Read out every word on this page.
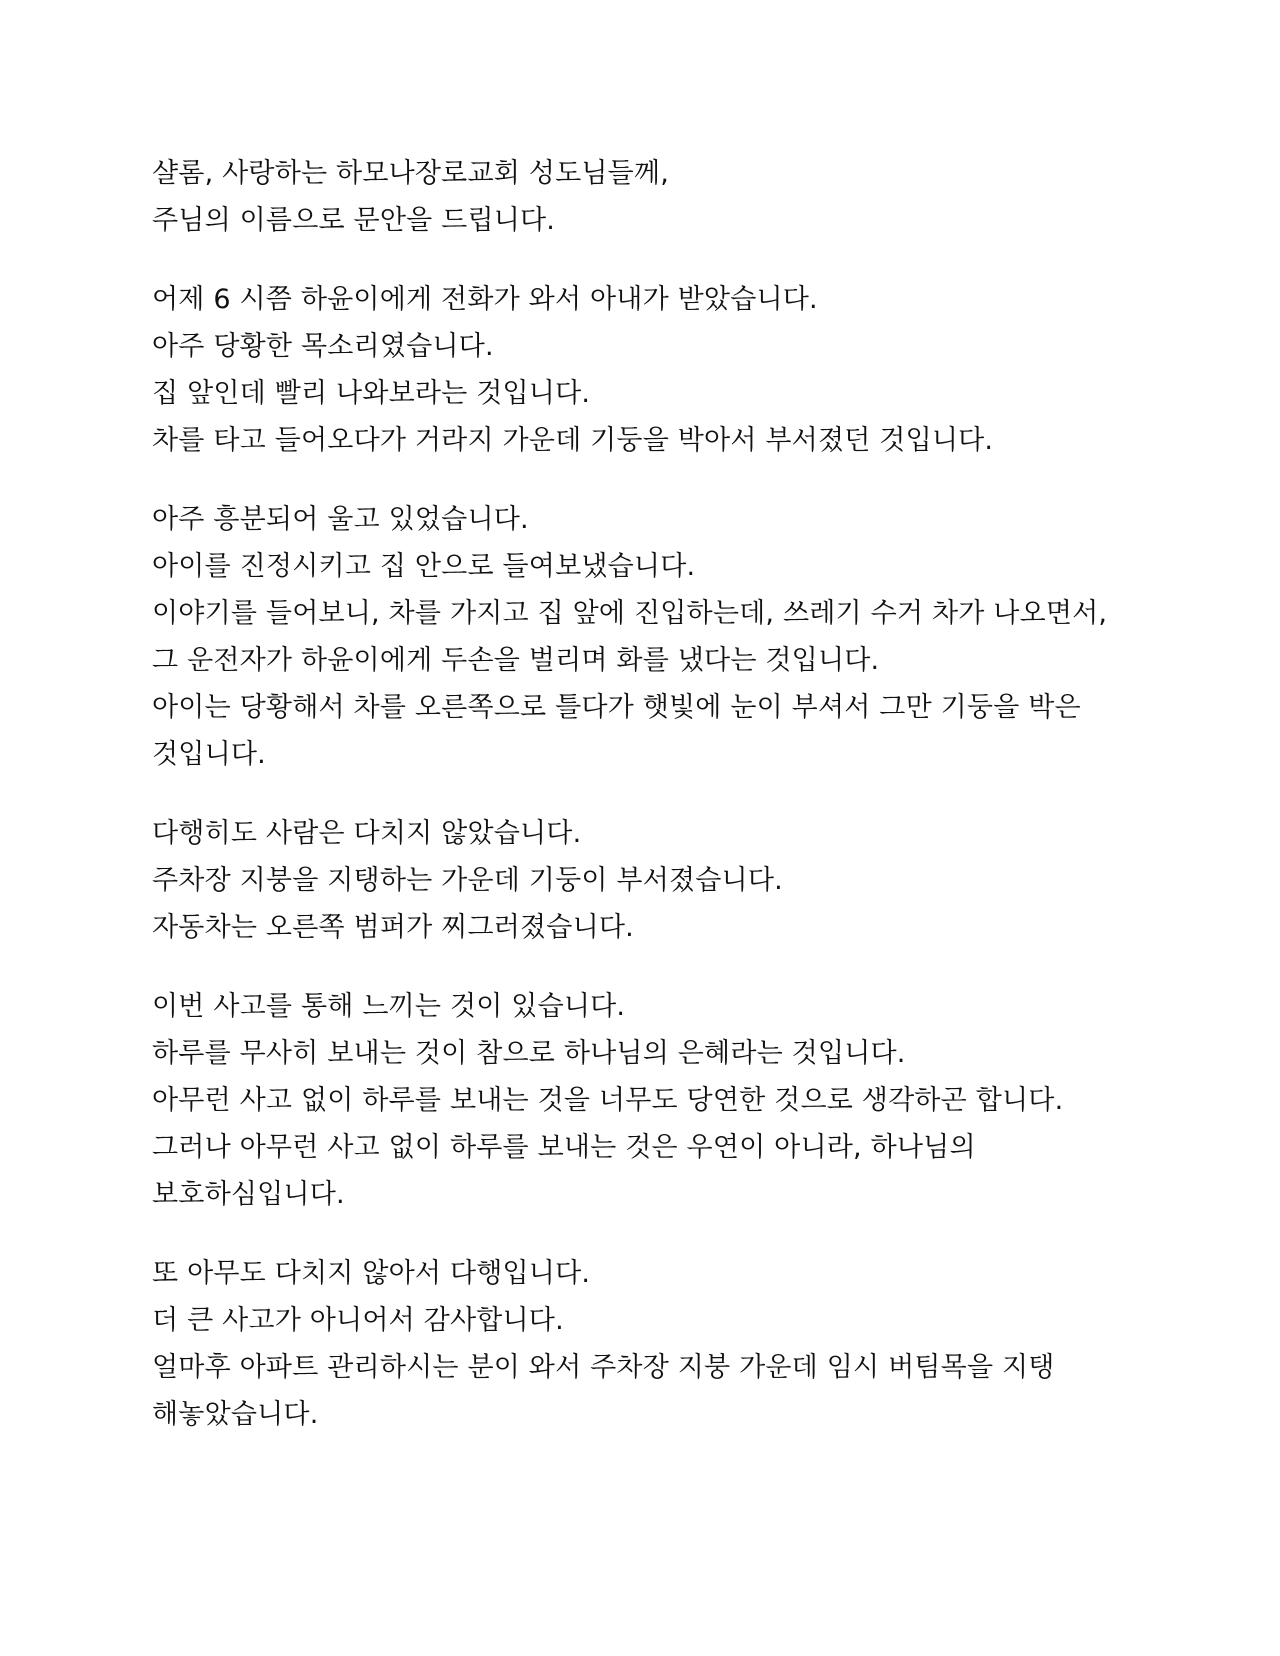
샬롬, 사랑하는 하모나장로교회 성도님들께,
주님의 이름으로 문안을 드립니다.
어제 6 시쯤 하윤이에게 전화가 와서 아내가 받았습니다.
아주 당황한 목소리였습니다.
집 앞인데 빨리 나와보라는 것입니다.
차를 타고 들어오다가 거라지 가운데 기둥을 박아서 부서졌던 것입니다.
아주 흥분되어 울고 있었습니다.
아이를 진정시키고 집 안으로 들여보냈습니다.
이야기를 들어보니, 차를 가지고 집 앞에 진입하는데, 쓰레기 수거 차가 나오면서,
그 운전자가 하윤이에게 두손을 벌리며 화를 냈다는 것입니다.
아이는 당황해서 차를 오른쪽으로 틀다가 햇빛에 눈이 부셔서 그만 기둥을 박은
것입니다.
다행히도 사람은 다치지 않았습니다.
주차장 지붕을 지탱하는 가운데 기둥이 부서졌습니다.
자동차는 오른쪽 범퍼가 찌그러졌습니다.
이번 사고를 통해 느끼는 것이 있습니다.
하루를 무사히 보내는 것이 참으로 하나님의 은혜라는 것입니다.
아무런 사고 없이 하루를 보내는 것을 너무도 당연한 것으로 생각하곤 합니다.
그러나 아무런 사고 없이 하루를 보내는 것은 우연이 아니라, 하나님의
보호하심입니다.
또 아무도 다치지 않아서 다행입니다.
더 큰 사고가 아니어서 감사합니다.
얼마후 아파트 관리하시는 분이 와서 주차장 지붕 가운데 임시 버팀목을 지탱
해놓았습니다.
